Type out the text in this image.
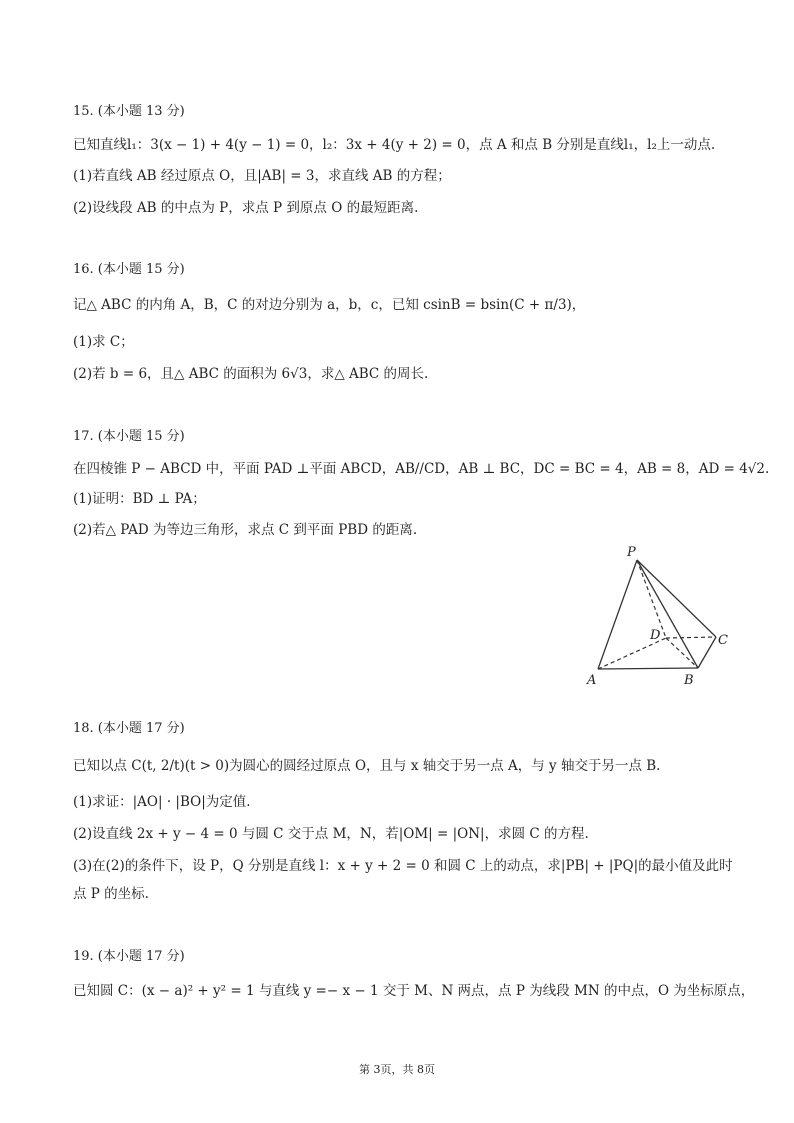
15. (本小题 13 分)
已知直线l₁：3(x − 1) + 4(y − 1) = 0，l₂：3x + 4(y + 2) = 0，点 A 和点 B 分别是直线l₁，l₂上一动点.
(1)若直线 AB 经过原点 O，且|AB| = 3，求直线 AB 的方程；
(2)设线段 AB 的中点为 P，求点 P 到原点 O 的最短距离.
16. (本小题 15 分)
记△ ABC 的内角 A，B，C 的对边分别为 a，b，c，已知 csinB = bsin(C + π/3)，
(1)求 C；
(2)若 b = 6，且△ ABC 的面积为 6√3，求△ ABC 的周长.
17. (本小题 15 分)
在四棱锥 P − ABCD 中，平面 PAD ⊥平面 ABCD，AB//CD，AB ⊥ BC，DC = BC = 4，AB = 8，AD = 4√2.
(1)证明：BD ⊥ PA；
(2)若△ PAD 为等边三角形，求点 C 到平面 PBD 的距离.
P
D	C
A	B
18. (本小题 17 分)
已知以点 C(t, 2/t)(t > 0)为圆心的圆经过原点 O，且与 x 轴交于另一点 A，与 y 轴交于另一点 B.
(1)求证：|AO| · |BO|为定值.
(2)设直线 2x + y − 4 = 0 与圆 C 交于点 M，N，若|OM| = |ON|，求圆 C 的方程.
(3)在(2)的条件下，设 P，Q 分别是直线 l：x + y + 2 = 0 和圆 C 上的动点，求|PB| + |PQ|的最小值及此时
点 P 的坐标.
19. (本小题 17 分)
已知圆 C：(x − a)² + y² = 1 与直线 y =− x − 1 交于 M、N 两点，点 P 为线段 MN 的中点，O 为坐标原点，
第 3页，共 8页
